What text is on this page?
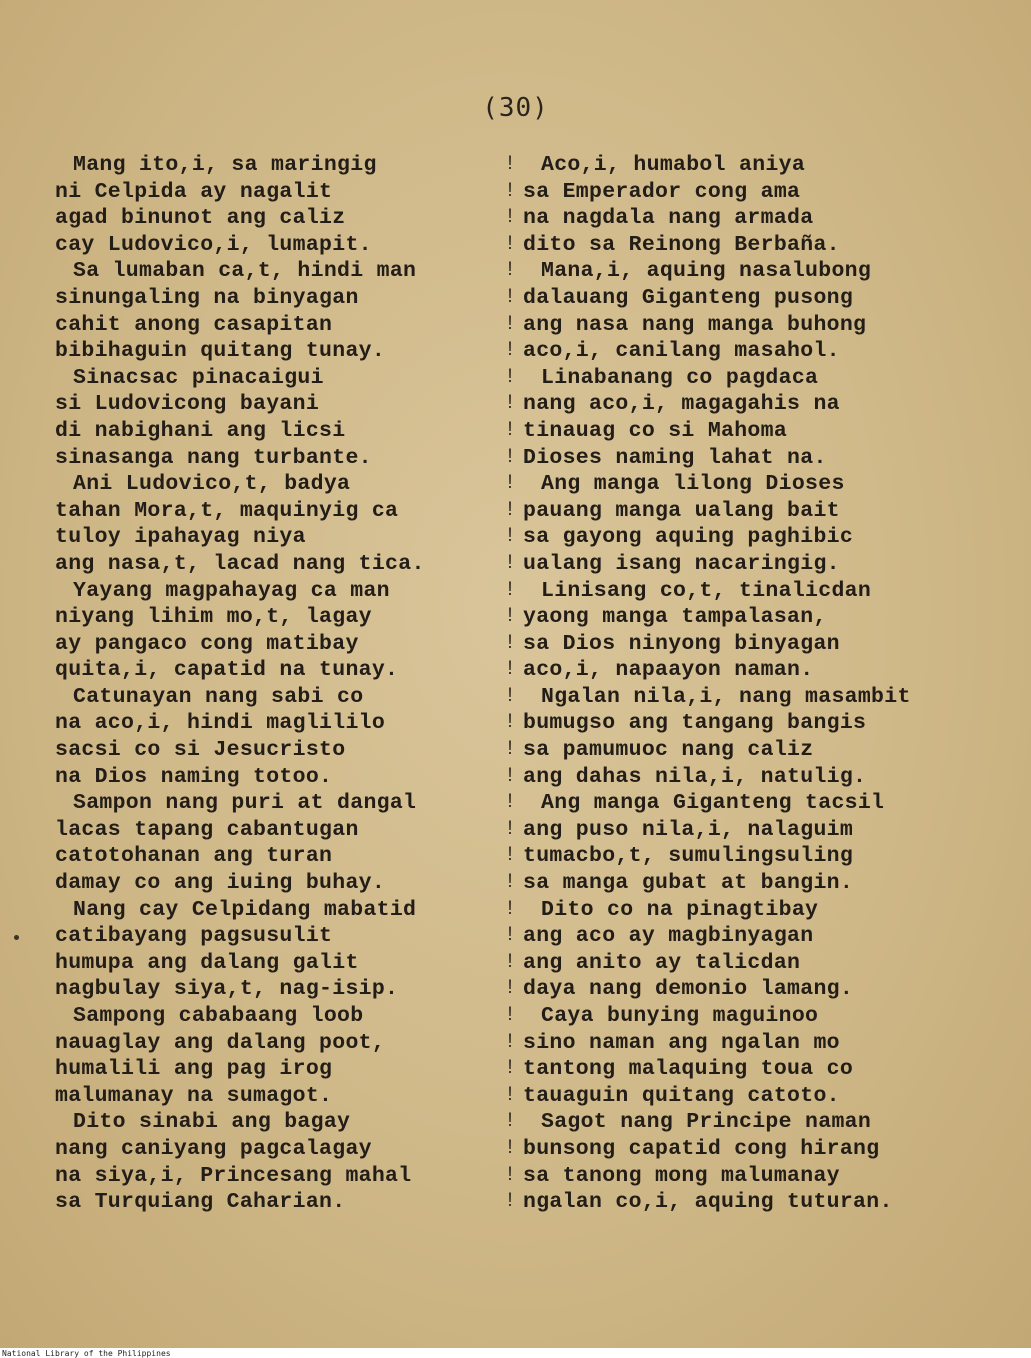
(30)
Mang ito,i, sa maringig
ni Celpida ay nagalit
agad binunot ang caliz
cay Ludovico,i, lumapit.
Sa lumaban ca,t, hindi man
sinungaling na binyagan
cahit anong casapitan
bibihaguin quitang tunay.
Sinacsac pinacaigui
si Ludovicong bayani
di nabighani ang licsi
sinasanga nang turbante.
Ani Ludovico,t, badya
tahan Mora,t, maquinyig ca
tuloy ipahayag niya
ang nasa,t, lacad nang tica.
Yayang magpahayag ca man
niyang lihim mo,t, lagay
ay pangaco cong matibay
quita,i, capatid na tunay.
Catunayan nang sabi co
na aco,i, hindi maglililo
sacsi co si Jesucristo
na Dios naming totoo.
Sampon nang puri at dangal
lacas tapang cabantugan
catotohanan ang turan
damay co ang iuing buhay.
Nang cay Celpidang mabatid
catibayang pagsusulit
humupa ang dalang galit
nagbulay siya,t, nag-isip.
Sampong cababaang loob
nauaglay ang dalang poot,
humalili ang pag irog
malumanay na sumagot.
Dito sinabi ang bagay
nang caniyang pagcalagay
na siya,i, Princesang mahal
sa Turquiang Caharian.
!
!
!
!
!
!
!
!
!
!
!
!
!
!
!
!
!
!
!
!
!
!
!
!
!
!
!
!
!
!
!
!
!
!
!
!
!
!
!
!
Aco,i, humabol aniya
sa Emperador cong ama
na nagdala nang armada
dito sa Reinong Berbaña.
Mana,i, aquing nasalubong
dalauang Giganteng pusong
ang nasa nang manga buhong
aco,i, canilang masahol.
Linabanang co pagdaca
nang aco,i, magagahis na
tinauag co si Mahoma
Dioses naming lahat na.
Ang manga lilong Dioses
pauang manga ualang bait
sa gayong aquing paghibic
ualang isang nacaringig.
Linisang co,t, tinalicdan
yaong manga tampalasan,
sa Dios ninyong binyagan
aco,i, napaayon naman.
Ngalan nila,i, nang masambit
bumugso ang tangang bangis
sa pamumuoc nang caliz
ang dahas nila,i, natulig.
Ang manga Giganteng tacsil
ang puso nila,i, nalaguim
tumacbo,t, sumulingsuling
sa manga gubat at bangin.
Dito co na pinagtibay
ang aco ay magbinyagan
ang anito ay talicdan
daya nang demonio lamang.
Caya bunying maguinoo
sino naman ang ngalan mo
tantong malaquing toua co
tauaguin quitang catoto.
Sagot nang Principe naman
bunsong capatid cong hirang
sa tanong mong malumanay
ngalan co,i, aquing tuturan.
National Library of the Philippines
